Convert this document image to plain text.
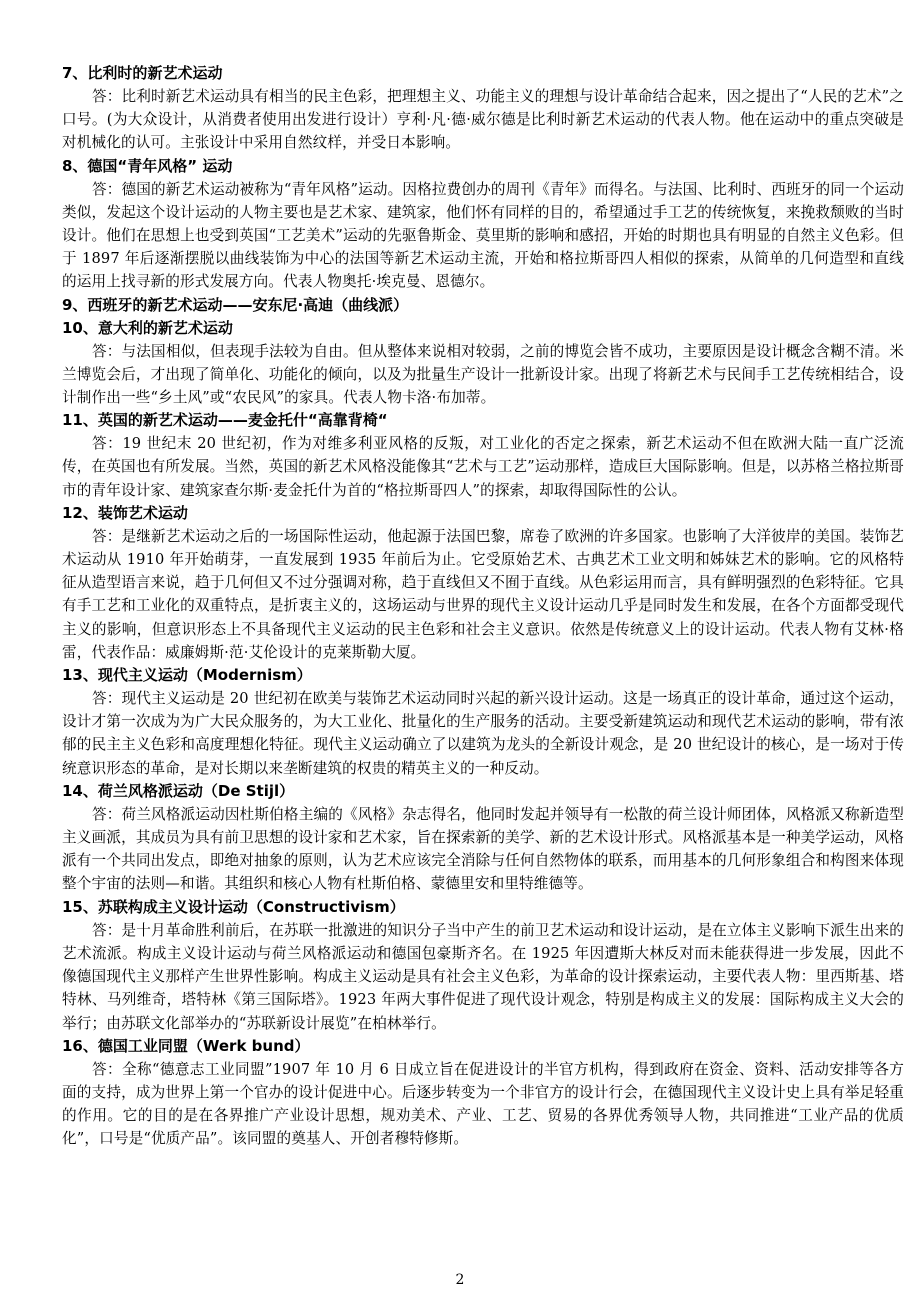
7、比利时的新艺术运动

答：比利时新艺术运动具有相当的民主色彩，把理想主义、功能主义的理想与设计革命结合起来，因之提出了“人民的艺术”之口号。(为大众设计，从消费者使用出发进行设计）亨利·凡·德·威尔德是比利时新艺术运动的代表人物。他在运动中的重点突破是对机械化的认可。主张设计中采用自然纹样，并受日本影响。

8、德国“青年风格” 运动

答：德国的新艺术运动被称为“青年风格”运动。因格拉费创办的周刊《青年》而得名。与法国、比利时、西班牙的同一个运动类似，发起这个设计运动的人物主要也是艺术家、建筑家，他们怀有同样的目的，希望通过手工艺的传统恢复，来挽救颓败的当时设计。他们在思想上也受到英国“工艺美术”运动的先驱鲁斯金、莫里斯的影响和感招，开始的时期也具有明显的自然主义色彩。但于 1897 年后逐渐摆脱以曲线装饰为中心的法国等新艺术运动主流，开始和格拉斯哥四人相似的探索，从简单的几何造型和直线的运用上找寻新的形式发展方向。代表人物奥托·埃克曼、恩德尔。

9、西班牙的新艺术运动——安东尼·高迪（曲线派）

10、意大利的新艺术运动

答：与法国相似，但表现手法较为自由。但从整体来说相对较弱，之前的博览会皆不成功，主要原因是设计概念含糊不清。米兰博览会后，才出现了简单化、功能化的倾向，以及为批量生产设计一批新设计家。出现了将新艺术与民间手工艺传统相结合，设计制作出一些“乡土风”或“农民风”的家具。代表人物卡洛·布加蒂。

11、英国的新艺术运动——麦金托什“高靠背椅“

答：19 世纪末 20 世纪初，作为对维多利亚风格的反叛，对工业化的否定之探索，新艺术运动不但在欧洲大陆一直广泛流传，在英国也有所发展。当然，英国的新艺术风格没能像其“艺术与工艺”运动那样，造成巨大国际影响。但是，以苏格兰格拉斯哥市的青年设计家、建筑家查尔斯·麦金托什为首的“格拉斯哥四人”的探索，却取得国际性的公认。

12、装饰艺术运动

答：是继新艺术运动之后的一场国际性运动，他起源于法国巴黎，席卷了欧洲的许多国家。也影响了大洋彼岸的美国。装饰艺术运动从 1910 年开始萌芽，一直发展到 1935 年前后为止。它受原始艺术、古典艺术工业文明和姊妹艺术的影响。它的风格特征从造型语言来说，趋于几何但又不过分强调对称，趋于直线但又不囿于直线。从色彩运用而言，具有鲜明强烈的色彩特征。它具有手工艺和工业化的双重特点，是折衷主义的，这场运动与世界的现代主义设计运动几乎是同时发生和发展，在各个方面都受现代主义的影响，但意识形态上不具备现代主义运动的民主色彩和社会主义意识。依然是传统意义上的设计运动。代表人物有艾林·格雷，代表作品：威廉姆斯·范·艾伦设计的克莱斯勒大厦。

13、现代主义运动（Modernism）

答：现代主义运动是 20 世纪初在欧美与装饰艺术运动同时兴起的新兴设计运动。这是一场真正的设计革命，通过这个运动，设计才第一次成为为广大民众服务的，为大工业化、批量化的生产服务的活动。主要受新建筑运动和现代艺术运动的影响，带有浓郁的民主主义色彩和高度理想化特征。现代主义运动确立了以建筑为龙头的全新设计观念，是 20 世纪设计的核心，是一场对于传统意识形态的革命，是对长期以来垄断建筑的权贵的精英主义的一种反动。

14、荷兰风格派运动（De Stijl）

答：荷兰风格派运动因杜斯伯格主编的《风格》杂志得名，他同时发起并领导有一松散的荷兰设计师团体，风格派又称新造型主义画派，其成员为具有前卫思想的设计家和艺术家，旨在探索新的美学、新的艺术设计形式。风格派基本是一种美学运动，风格派有一个共同出发点，即绝对抽象的原则，认为艺术应该完全消除与任何自然物体的联系，而用基本的几何形象组合和构图来体现整个宇宙的法则—和谐。其组织和核心人物有杜斯伯格、蒙德里安和里特维德等。

15、苏联构成主义设计运动（Constructivism）

答：是十月革命胜利前后，在苏联一批激进的知识分子当中产生的前卫艺术运动和设计运动，是在立体主义影响下派生出来的艺术流派。构成主义设计运动与荷兰风格派运动和德国包豪斯齐名。在 1925 年因遭斯大林反对而未能获得进一步发展，因此不像德国现代主义那样产生世界性影响。构成主义运动是具有社会主义色彩，为革命的设计探索运动，主要代表人物：里西斯基、塔特林、马列维奇，塔特林《第三国际塔》。1923 年两大事件促进了现代设计观念，特别是构成主义的发展：国际构成主义大会的举行；由苏联文化部举办的“苏联新设计展览”在柏林举行。

16、德国工业同盟（Werk bund）

答：全称“德意志工业同盟”1907 年 10 月 6 日成立旨在促进设计的半官方机构，得到政府在资金、资料、活动安排等各方面的支持，成为世界上第一个官办的设计促进中心。后逐步转变为一个非官方的设计行会，在德国现代主义设计史上具有举足轻重的作用。它的目的是在各界推广产业设计思想，规劝美术、产业、工艺、贸易的各界优秀领导人物，共同推进“工业产品的优质化”，口号是“优质产品”。该同盟的奠基人、开创者穆特修斯。

2
